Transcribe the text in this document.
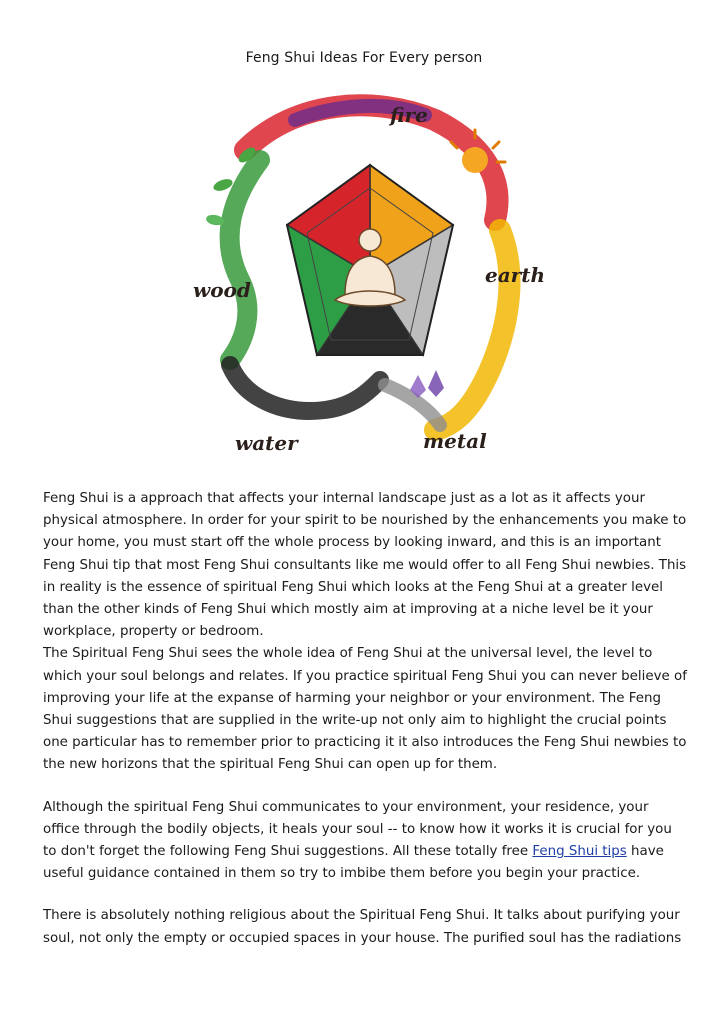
Feng Shui Ideas For Every person
fire
earth
metal
water
wood

Feng Shui is a approach that affects your internal landscape just as a lot as it affects your physical atmosphere. In order for your spirit to be nourished by the enhancements you make to your home, you must start off the whole process by looking inward, and this is an important Feng Shui tip that most Feng Shui consultants like me would offer to all Feng Shui newbies. This in reality is the essence of spiritual Feng Shui which looks at the Feng Shui at a greater level than the other kinds of Feng Shui which mostly aim at improving at a niche level be it your workplace, property or bedroom.

The Spiritual Feng Shui sees the whole idea of Feng Shui at the universal level, the level to which your soul belongs and relates. If you practice spiritual Feng Shui you can never believe of improving your life at the expanse of harming your neighbor or your environment. The Feng Shui suggestions that are supplied in the write-up not only aim to highlight the crucial points one particular has to remember prior to practicing it it also introduces the Feng Shui newbies to the new horizons that the spiritual Feng Shui can open up for them.

Although the spiritual Feng Shui communicates to your environment, your residence, your office through the bodily objects, it heals your soul -- to know how it works it is crucial for you to don't forget the following Feng Shui suggestions. All these totally free Feng Shui tips have useful guidance contained in them so try to imbibe them before you begin your practice.

There is absolutely nothing religious about the Spiritual Feng Shui. It talks about purifying your soul, not only the empty or occupied spaces in your house. The purified soul has the radiations
